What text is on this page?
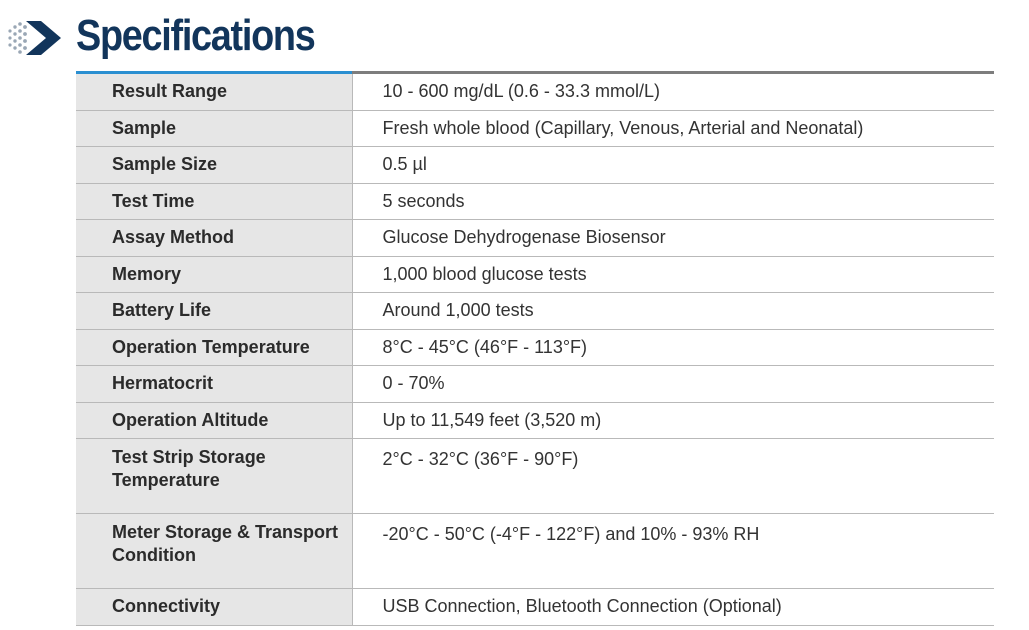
Specifications
Result Range	10 - 600 mg/dL (0.6 - 33.3 mmol/L)
Sample	Fresh whole blood (Capillary, Venous, Arterial and Neonatal)
Sample Size	0.5 µl
Test Time	5 seconds
Assay Method	Glucose Dehydrogenase Biosensor
Memory	1,000 blood glucose tests
Battery Life	Around 1,000 tests
Operation Temperature	8°C - 45°C (46°F - 113°F)
Hermatocrit	0 - 70%
Operation Altitude	Up to 11,549 feet (3,520 m)
Test Strip Storage Temperature	2°C - 32°C (36°F - 90°F)
Meter Storage & Transport Condition	-20°C - 50°C (-4°F - 122°F) and 10% - 93% RH
Connectivity	USB Connection, Bluetooth Connection (Optional)
